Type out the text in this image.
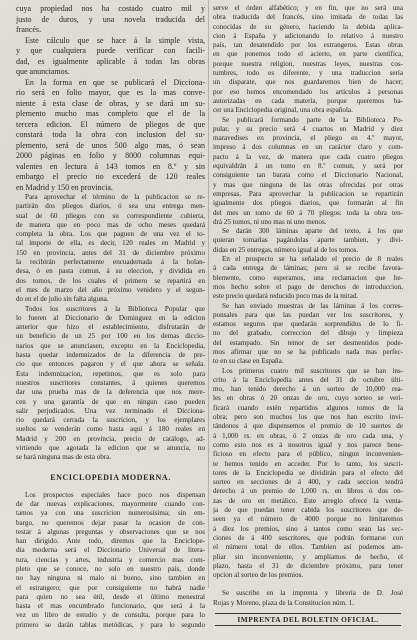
cuya propiedad nos ha costado cuatro mil y
justo de duros, y una novela traducida del
francés.
Este cálculo que se hace á la simple vista,
y que cualquiera puede verificar con facili-
dad, es igualmente aplicable á todas las obras
que anunciamos.
En la forma en que se publicará el Dicciona-
rio será en folio mayor, que es la mas conve-
niente á esta clase de obras, y se dará un su-
plemento mucho mas completo que el de la
tercera edicion. El número de pliegos de que
constará toda la obra con inclusion del su-
plemento, será de unos 500 algo mas, ó sean
2000 páginas en folio y 8000 columnas equi-
valentes en lectura á 143 tomos en 8.º y sin
embargo el precio no excederá de 120 reales
en Madrid y 150 en provincia.
Para aprovechar el término de la publicacion se re-
partirán dos pliegos diarios, ó sea una entrega men-
sual de 60 pliegos con su correspondiente cubierta,
de manera que en poco mas de ocho meses quedará
completa la obra. Los que paguen de una vez el to-
tal importe de ella, es decir, 120 reales en Madrid y
150 en provincia, antes del 31 de diciembre próximo
la recibirán perfectamente encuadernada á la holan-
desa, ó en pasta comun, á su eleccion, y dividida en
dos tomos, de los cuales el primero se repartirá en
el mes de marzo del año próximo venidero y el segun-
do en el de julio sin falta alguna.
Todos los suscritores á la Biblioteca Popular que
lo fueren al Diccionario de Dominguez en la edicion
anterior que hizo el establecimiento, disfrutarán de
un beneficio de un 25 por 100 en los demas diccio-
narios que se anunciasen, excepto en la Enciclopedia,
hasta quedar indemnizados de la diferencia de pre-
cio que entonces pagaron y el que ahora se señala.
Esta indemnizacion, repetimos, que es solo para
nuestros suscritores constantes, á quienes queremos
dar una prueba mas de la deferencia que nos mere-
cen y una garantía de que en ningun caso pueden
salir perjudicados. Una vez terminado el Dicciona-
rio quedará cerrada la suscricion, y los ejemplares
sueltos se venderán como hasta aquí á 180 reales en
Madrid y 200 en provincia, precio de catálogo, ad-
virtiendo que agotada la edicion que se anuncia, no
se hará ninguna mas de esta obra.
ENCICLOPEDIA MODERNA.
Los prospectos especiales hace poco nos dispensan
de dar nuevas explicaciones, mayormente cuando con-
tamos ya con una suscricion numerosísima; sin em-
bargo, no queremos dejar pasar la ocasion de con-
testar á algunas preguntas y observaciones que se nos
han dirigido. Ante todo, diremos que la Enciclope-
dia moderna será el Diccionario Universal de litera-
tura, ciencias y artes, industria y comercio mas com-
pleto que se conoce, no solo en nuestro país, donde
no hay ninguna ni malo ni bueno, sino tambien en
el estrangero; que por consiguiente no habrá nadie
para quien no sea útil, desde el último menestral
hasta el mas encumbrado funcionario, que será á la
vez un libro de estudio y de consulta, porque para lo
primero se darán tablas metódicas, y para lo segundo
serve el órden alfabético; y en fin, que no será una
obra traducida del francés, sino imitada de todas las
conocidas de su género, haciendo la debida aplica-
cion á España y adicionando lo relativo á nuestro
país, tan desatendido por los estrangeros. Estas obras
en que ponemos todo el acierto, en parte científica,
porque nuestra religion, nuestras leyes, nuestras cos-
tumbres, todo es diferente, y una traduccion sería
un disparate, que nos guardaremos bien de hacer;
por eso hemos encomendado los artículos á personas
autorizadas en cada materia, porque queremos ha-
cer una Enciclopedia original, una obra española.
Se publicará formando parte de la Biblioteca Po-
pular, y su precio será 4 cuartos en Madrid y diez
maravedises en provincia, el pliego en 4.º mayor,
impreso á dos columnas en un carácter claro y com-
pacto á la vez, de manera que cada cuatro pliegos
equivaldrán á un tomo en 8.º comun, y será por
consiguiente tan barata como el Diccionario Nacional,
y mas que ninguna de las otras ofrecidas por otras
empresas. Para aprovechar la publicacion se repartirán
igualmente dos pliegos diarios, que formarán al fin
del mes un tomo de 60 á 70 pliegos: toda la obra ten-
drá 25 tomos, ni uno mas ni uno menos.
Se darán 300 láminas aparte del texto, á los que
quieran tomarlas pagándolas aparte tambien, y divi-
didas en 25 entregas, número igual al de los tomos.
En el prospecto se ha señalado el precio de 8 reales
á cada entrega de láminas; pero si se recibe favora-
blemente, como esperamos, una reclamacion que he-
mos hecho sobre el pago de derechos de introduccion,
este precio quedará reducido poco mas de la mitad.
Se han enviado muestras de las láminas á los corres-
ponsales para que las puedan ver los suscritores, y
estamos seguros que quedarán sorprendidos de lo fi-
no del grabado, correccion del dibujo y limpieza
del estampado. Sin temor de ser desmentidos pode-
mos afirmar que no se ha publicado nada mas perfec-
to en su clase en España.
Los primeros cuatro mil suscritores que se han ins-
crito á la Enciclopedia antes del 31 de octubre últi-
mo, han tenido derecho á un sorteo de 10,000 rea-
les en obras ó 20 onzas de oro, cuyo sorteo se veri-
ficará cuando estén repartidos algunos tomos de la
obra; pero son muchos los que nos han escrito invi-
tándonos á que dispensemos el premio de 10 suertes de
á 1,000 rs. en obras, ó 2 onzas de oro cada una, y
como esto nos es á nosotros igual y nos parece bene-
ficioso en efecto para el público, ningun inconvenien-
te hemos tenido en acceder. Por lo tanto, los suscri-
tores de la Enciclopedia se dividirán para el efecto del
sorteo en secciones de á 400, y cada seccion tendrá
derecho á un premio de 1,000 rs. en libros ó dos on-
zas de oro en metálico. Este arreglo ofrece la venta-
ja de que puedan tener cabida los suscritores que de-
seen ya el número de 4000 porque no limitaremos
á diez los premios, sino á tantos como sean las sec-
ciones de á 400 suscritores, que podrán formarse con
el número total de ellos. Tambien así podemos am-
pliar sin inconveniente, y ampliamos de hecho, el
plazo, hasta el 31 de diciembre próximo, para tener
opcion al sorteo de los premios.
Se suscribe en la imprenta y librería de D. José
Rojas y Moreno, plaza de la Constitucion núm. 1.
IMPRENTA DEL BOLETIN OFICIAL.
